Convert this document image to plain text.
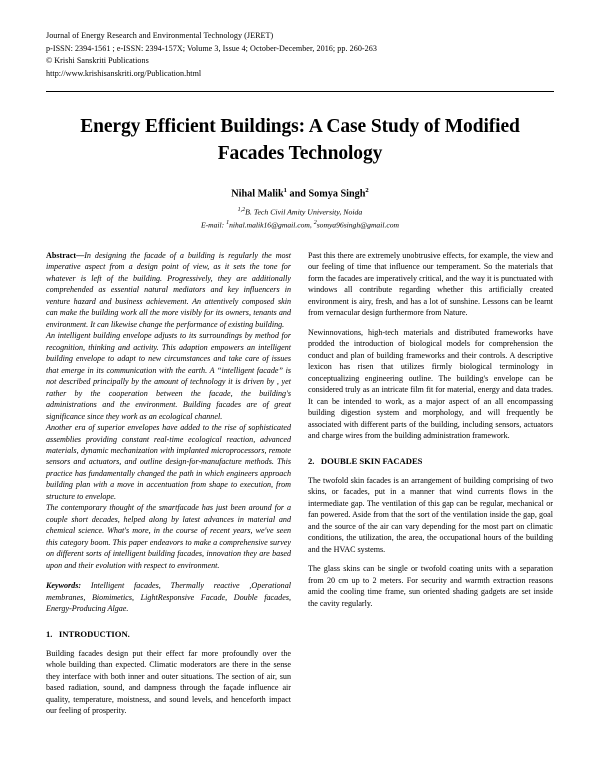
Journal of Energy Research and Environmental Technology (JERET)
p-ISSN: 2394-1561 ; e-ISSN: 2394-157X; Volume 3, Issue 4; October-December, 2016; pp. 260-263
© Krishi Sanskriti Publications
http://www.krishisanskriti.org/Publication.html
Energy Efficient Buildings: A Case Study of Modified Facades Technology
Nihal Malik$^1$ and Somya Singh$^2$
$^{1,2}$B. Tech Civil Amity University, Noida
E-mail: $^1$nihal.malik16@gmail.com, $^2$somya96singh@gmail.com

Abstract—In designing the facade of a building is regularly the most imperative aspect from a design point of view, as it sets the tone for whatever is left of the building. Progressively, they are additionally comprehended as essential natural mediators and key influencers in venture hazard and business achievement. An attentively composed skin can make the building work all the more visibly for its owners, tenants and environment. It can likewise change the performance of existing building.

An intelligent building envelope adjusts to its surroundings by method for recognition, thinking and activity. This adaption empowers an intelligent building envelope to adapt to new circumstances and take care of issues that emerge in its communication with the earth. A “intelligent facade” is not described principally by the amount of technology it is driven by , yet rather by the cooperation between the facade, the building's administrations and the environment. Building facades are of great significance since they work as an ecological channel.

Another era of superior envelopes have added to the rise of sophisticated assemblies providing constant real-time ecological reaction, advanced materials, dynamic mechanization with implanted microprocessors, remote sensors and actuators, and outline design-for-manufacture methods. This practice has fundamentally changed the path in which engineers approach building plan with a move in accentuation from shape to execution, from structure to envelope.

The contemporary thought of the smartfacade has just been around for a couple short decades, helped along by latest advances in material and chemical science. What's more, in the course of recent years, we've seen this category boom. This paper endeavors to make a comprehensive survey on different sorts of intelligent building facades, innovation they are based upon and their evolution with respect to environment.

Keywords: Intelligent facades, Thermally reactive ,Operational membranes, Biomimetics, LightResponsive Facade, Double facades, Energy-Producing Algae.
1. INTRODUCTION.

Building facades design put their effect far more profoundly over the whole building than expected. Climatic moderators are there in the sense they interface with both inner and outer situations. The section of air, sun based radiation, sound, and dampness through the façade influence air quality, temperature, moistness, and sound levels, and henceforth impact our feeling of prosperity.

Past this there are extremely unobtrusive effects, for example, the view and our feeling of time that influence our temperament. So the materials that form the facades are imperatively critical, and the way it is punctuated with windows all contribute regarding whether this artificially created environment is airy, fresh, and has a lot of sunshine. Lessons can be learnt from vernacular design furthermore from Nature.

Newinnovations, high-tech materials and distributed frameworks have prodded the introduction of biological models for comprehension the conduct and plan of building frameworks and their controls. A descriptive lexicon has risen that utilizes firmly biological terminology in conceptualizing engineering outline. The building's envelope can be considered truly as an intricate film fit for material, energy and data trades. It can be intended to work, as a major aspect of an all encompassing building digestion system and morphology, and will frequently be associated with different parts of the building, including sensors, actuators and charge wires from the building administration framework.

2. DOUBLE SKIN FACADES

The twofold skin facades is an arrangement of building comprising of two skins, or facades, put in a manner that wind currents flows in the intermediate gap. The ventilation of this gap can be regular, mechanical or fan powered. Aside from that the sort of the ventilation inside the gap, goal and the source of the air can vary depending for the most part on climatic conditions, the utilization, the area, the occupational hours of the building and the HVAC systems.

The glass skins can be single or twofold coating units with a separation from 20 cm up to 2 meters. For security and warmth extraction reasons amid the cooling time frame, sun oriented shading gadgets are set inside the cavity regularly.
